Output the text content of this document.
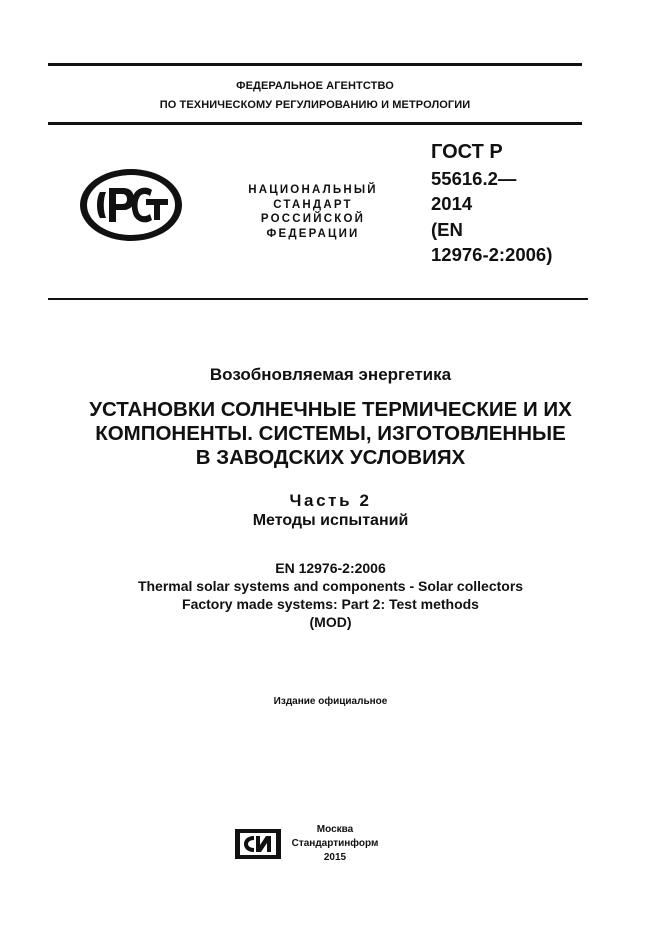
ФЕДЕРАЛЬНОЕ АГЕНТСТВО
ПО ТЕХНИЧЕСКОМУ РЕГУЛИРОВАНИЮ И МЕТРОЛОГИИ
НАЦИОНАЛЬНЫЙ
СТАНДАРТ
РОССИЙСКОЙ
ФЕДЕРАЦИИ
ГОСТ Р
55616.2—
2014
(EN
12976-2:2006)
Возобновляемая энергетика
УСТАНОВКИ СОЛНЕЧНЫЕ ТЕРМИЧЕСКИЕ И ИХ
КОМПОНЕНТЫ. СИСТЕМЫ, ИЗГОТОВЛЕННЫЕ
В ЗАВОДСКИХ УСЛОВИЯХ
Часть 2
Методы испытаний
EN 12976-2:2006
Thermal solar systems and components - Solar collectors
Factory made systems: Part 2: Test methods
(MOD)
Издание официальное
Москва
Стандартинформ
2015
